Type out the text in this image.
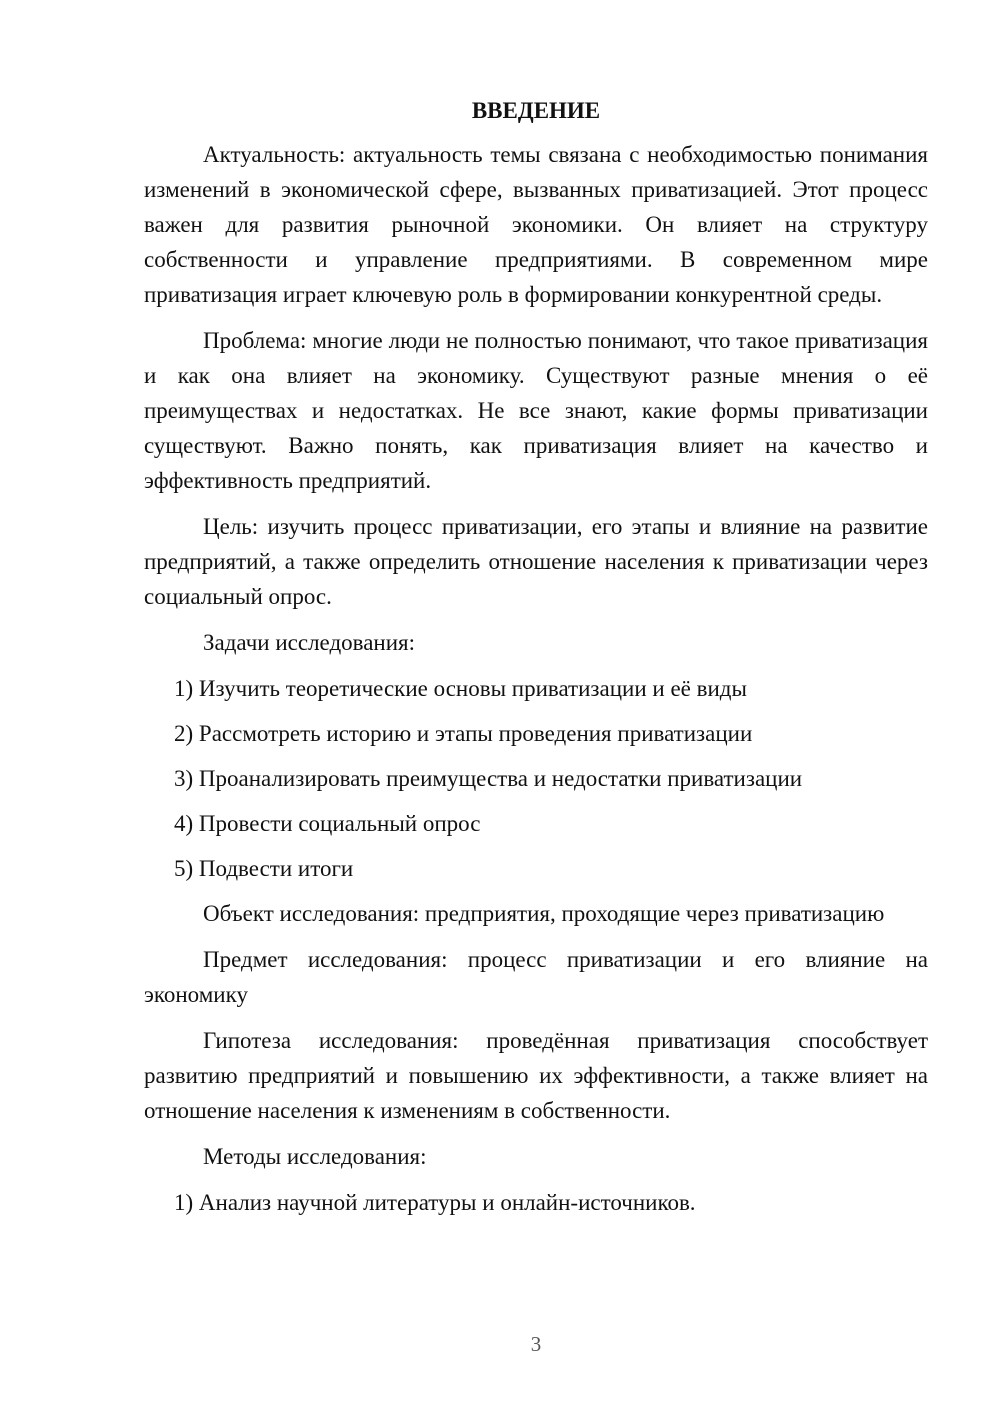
ВВЕДЕНИЕ
Актуальность: актуальность темы связана с необходимостью понимания изменений в экономической сфере, вызванных приватизацией. Этот процесс важен для развития рыночной экономики. Он влияет на структуру собственности и управление предприятиями. В современном мире приватизация играет ключевую роль в формировании конкурентной среды.
Проблема: многие люди не полностью понимают, что такое приватизация и как она влияет на экономику. Существуют разные мнения о её преимуществах и недостатках. Не все знают, какие формы приватизации существуют. Важно понять, как приватизация влияет на качество и эффективность предприятий.
Цель: изучить процесс приватизации, его этапы и влияние на развитие предприятий, а также определить отношение населения к приватизации через социальный опрос.
Задачи исследования:
1) Изучить теоретические основы приватизации и её виды
2) Рассмотреть историю и этапы проведения приватизации
3) Проанализировать преимущества и недостатки приватизации
4) Провести социальный опрос
5) Подвести итоги
Объект исследования: предприятия, проходящие через приватизацию
Предмет исследования: процесс приватизации и его влияние на экономику
Гипотеза исследования: проведённая приватизация способствует развитию предприятий и повышению их эффективности, а также влияет на отношение населения к изменениям в собственности.
Методы исследования:
1) Анализ научной литературы и онлайн-источников.
3
